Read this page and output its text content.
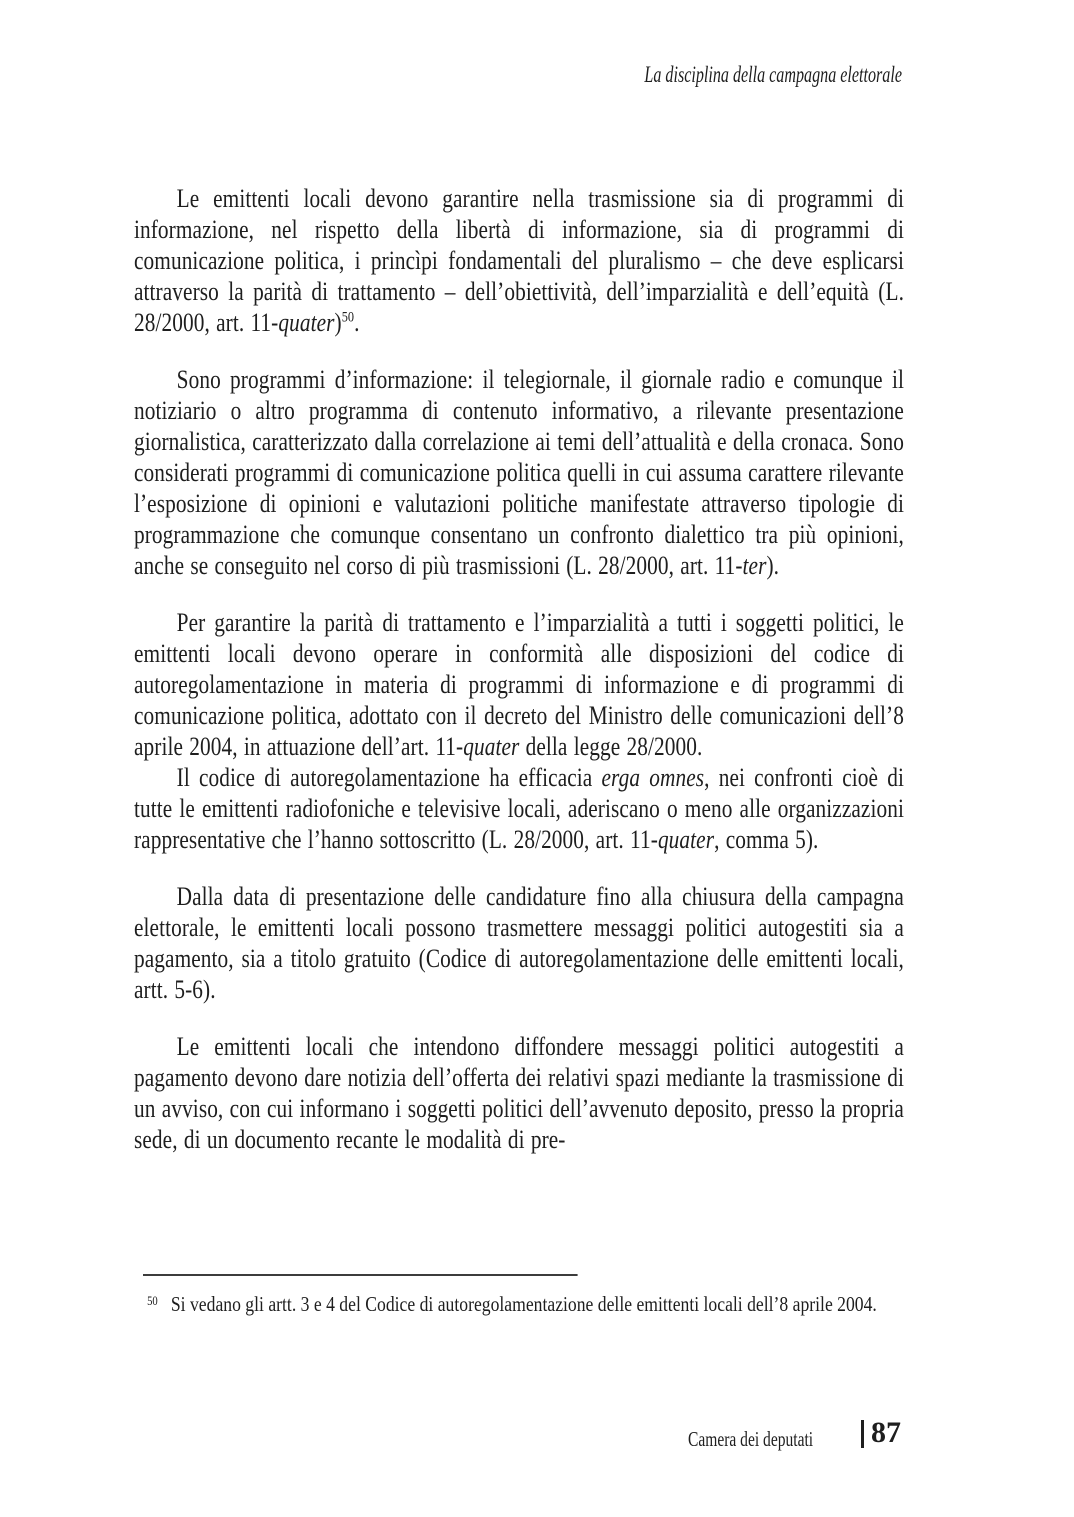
La disciplina della campagna elettorale

Le emittenti locali devono garantire nella trasmissione sia di programmi di informazione, nel rispetto della libertà di informazione, sia di programmi di comunicazione politica, i princìpi fondamentali del pluralismo – che deve esplicarsi attraverso la parità di trattamento – dell’obiettività, dell’imparzialità e dell’equità (L. 28/2000, art. 11-quater)$^{50}$.

Sono programmi d’informazione: il telegiornale, il giornale radio e comunque il notiziario o altro programma di contenuto informativo, a rilevante presentazione giornalistica, caratterizzato dalla correlazione ai temi dell’attualità e della cronaca. Sono considerati programmi di comunicazione politica quelli in cui assuma carattere rilevante l’esposizione di opinioni e valutazioni politiche manifestate attraverso tipologie di programmazione che comunque consentano un confronto dialettico tra più opinioni, anche se conseguito nel corso di più trasmissioni (L. 28/2000, art. 11-ter).

Per garantire la parità di trattamento e l’imparzialità a tutti i soggetti politici, le emittenti locali devono operare in conformità alle disposizioni del codice di autoregolamentazione in materia di programmi di informazione e di programmi di comunicazione politica, adottato con il decreto del Ministro delle comunicazioni dell’8 aprile 2004, in attuazione dell’art. 11-quater della legge 28/2000.

Il codice di autoregolamentazione ha efficacia erga omnes, nei confronti cioè di tutte le emittenti radiofoniche e televisive locali, aderiscano o meno alle organizzazioni rappresentative che l’hanno sottoscritto (L. 28/2000, art. 11-quater, comma 5).

Dalla data di presentazione delle candidature fino alla chiusura della campagna elettorale, le emittenti locali possono trasmettere messaggi politici autogestiti sia a pagamento, sia a titolo gratuito (Codice di autoregolamentazione delle emittenti locali, artt. 5-6).

Le emittenti locali che intendono diffondere messaggi politici autogestiti a pagamento devono dare notizia dell’offerta dei relativi spazi mediante la trasmissione di un avviso, con cui informano i soggetti politici dell’avvenuto deposito, presso la propria sede, di un documento recante le modalità di pre-

50 Si vedano gli artt. 3 e 4 del Codice di autoregolamentazione delle emittenti locali dell’8 aprile 2004.
Camera dei deputati 87
